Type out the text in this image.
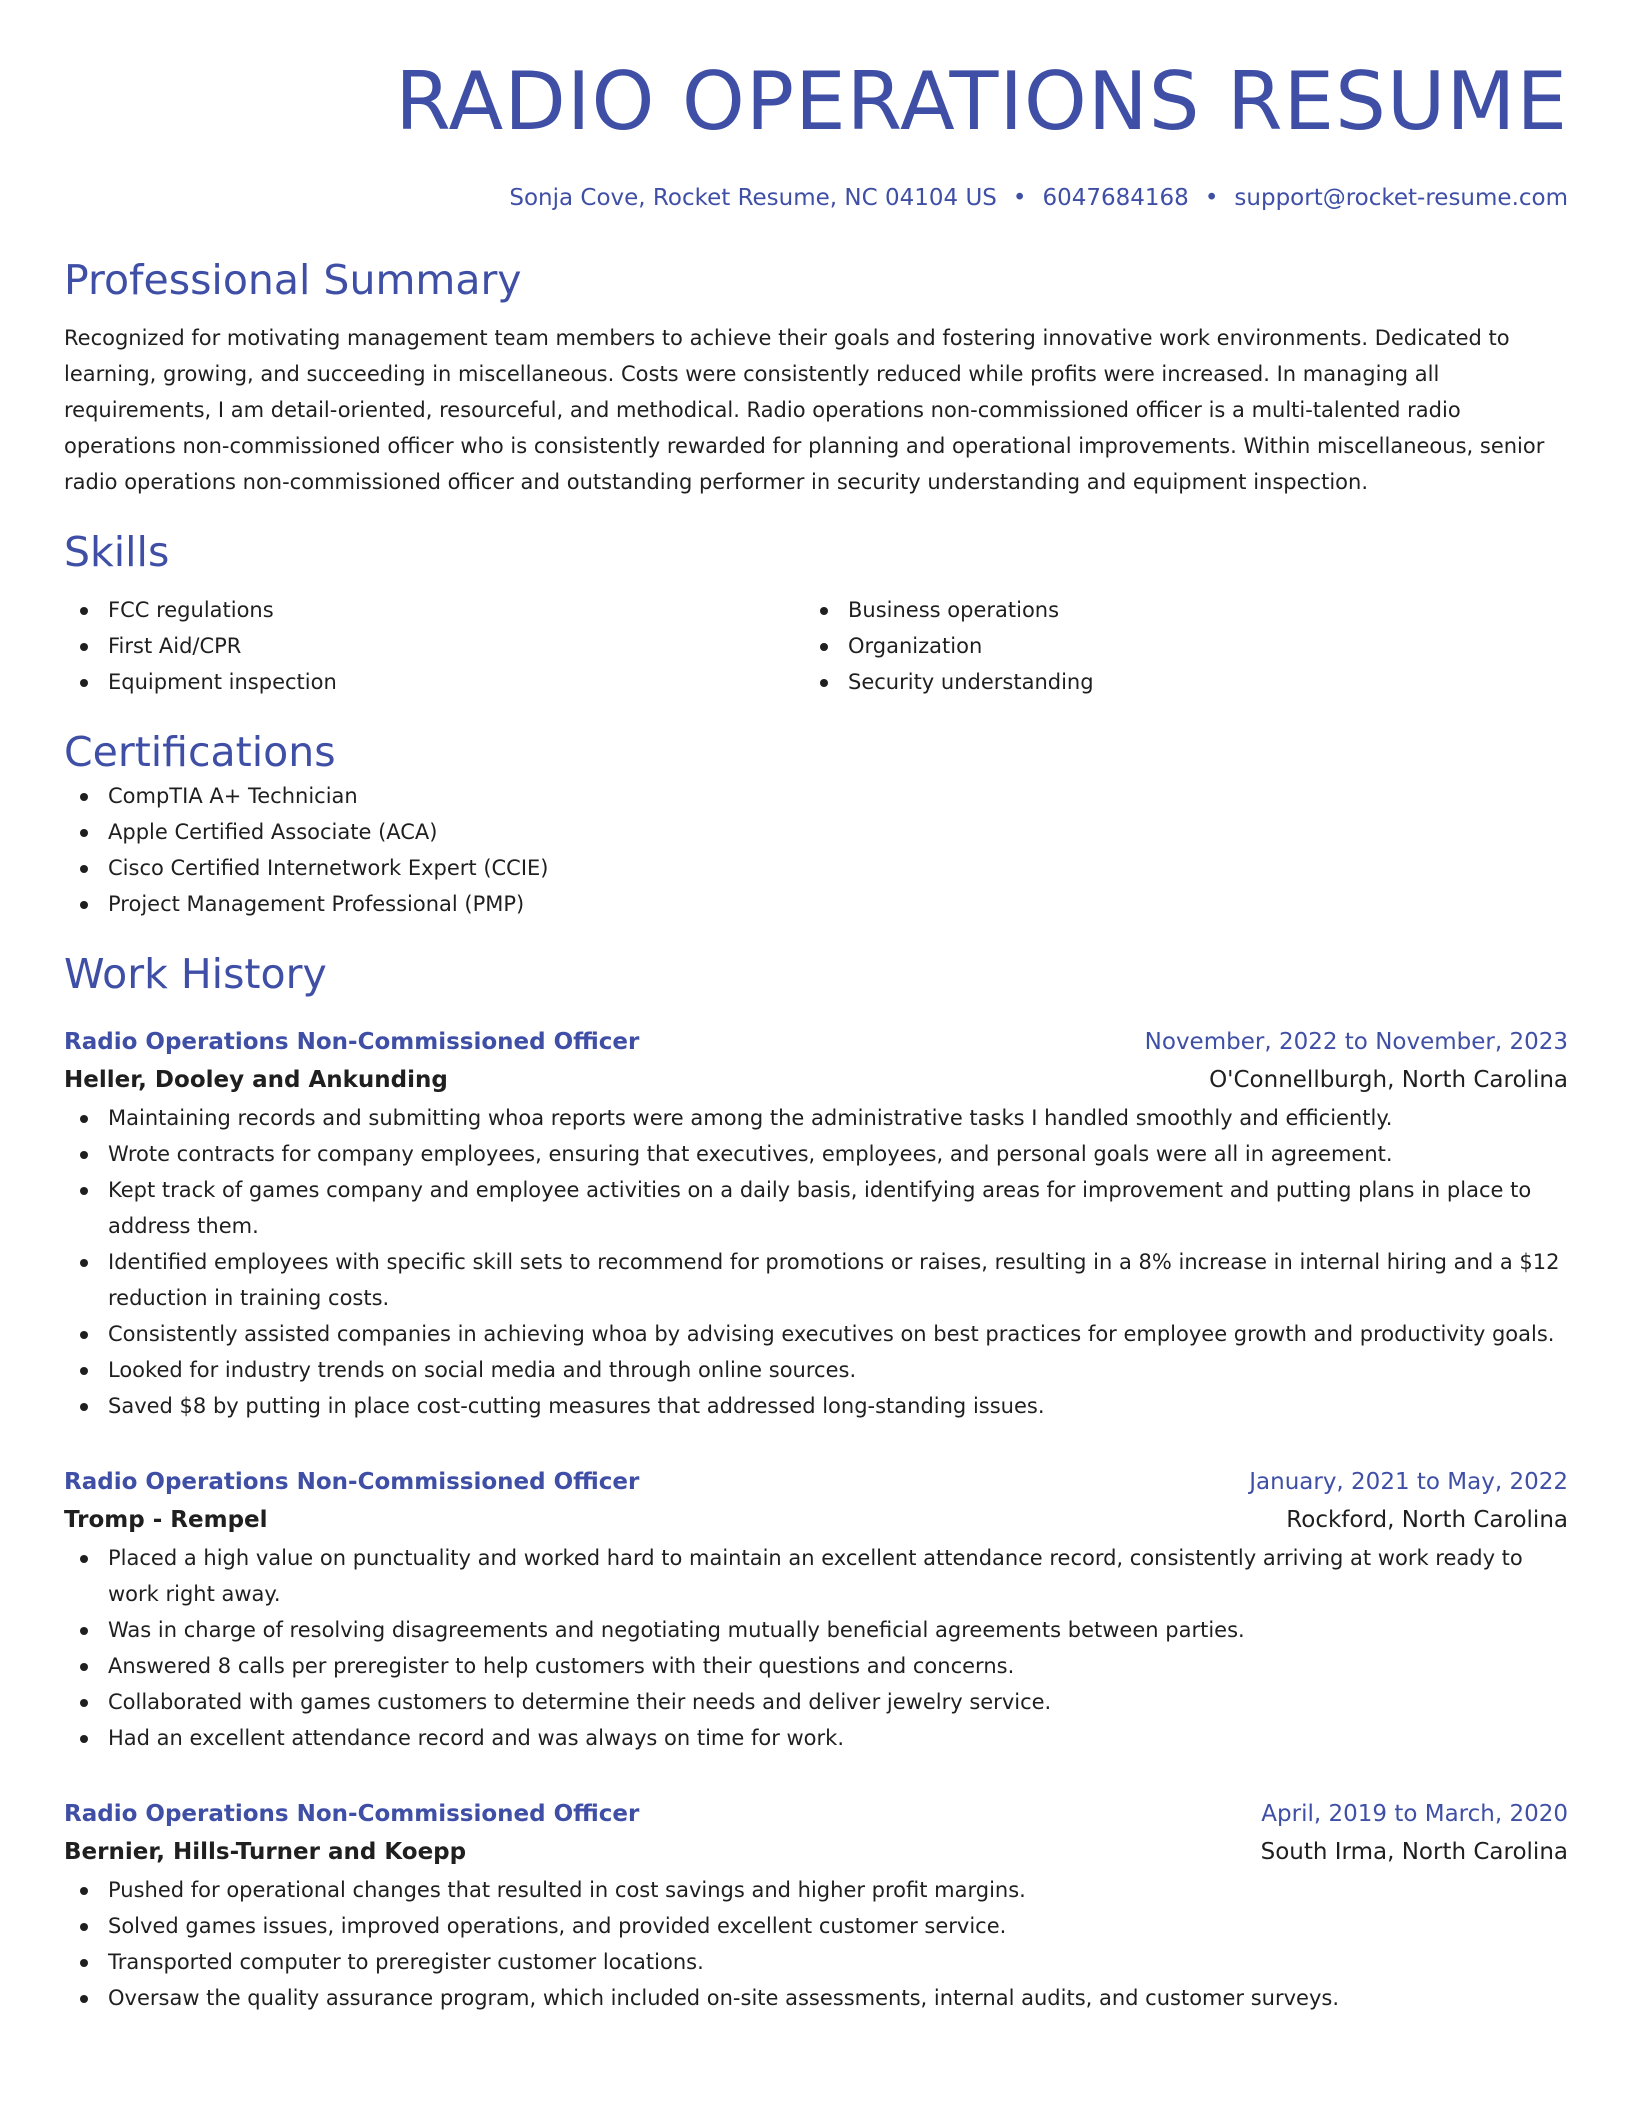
RADIO OPERATIONS RESUME
Sonja Cove, Rocket Resume, NC 04104 US • 6047684168 • support@rocket-resume.com
Professional Summary
Recognized for motivating management team members to achieve their goals and fostering innovative work environments. Dedicated to learning, growing, and succeeding in miscellaneous. Costs were consistently reduced while profits were increased. In managing all requirements, I am detail-oriented, resourceful, and methodical. Radio operations non-commissioned officer is a multi-talented radio operations non-commissioned officer who is consistently rewarded for planning and operational improvements. Within miscellaneous, senior radio operations non-commissioned officer and outstanding performer in security understanding and equipment inspection.
Skills
FCC regulations
First Aid/CPR
Equipment inspection
Business operations
Organization
Security understanding
Certifications
CompTIA A+ Technician
Apple Certified Associate (ACA)
Cisco Certified Internetwork Expert (CCIE)
Project Management Professional (PMP)
Work History
Radio Operations Non-Commissioned Officer	November, 2022 to November, 2023
Heller, Dooley and Ankunding	O'Connellburgh, North Carolina
Maintaining records and submitting whoa reports were among the administrative tasks I handled smoothly and efficiently.
Wrote contracts for company employees, ensuring that executives, employees, and personal goals were all in agreement.
Kept track of games company and employee activities on a daily basis, identifying areas for improvement and putting plans in place to address them.
Identified employees with specific skill sets to recommend for promotions or raises, resulting in a 8% increase in internal hiring and a $12 reduction in training costs.
Consistently assisted companies in achieving whoa by advising executives on best practices for employee growth and productivity goals.
Looked for industry trends on social media and through online sources.
Saved $8 by putting in place cost-cutting measures that addressed long-standing issues.
Radio Operations Non-Commissioned Officer	January, 2021 to May, 2022
Tromp - Rempel	Rockford, North Carolina
Placed a high value on punctuality and worked hard to maintain an excellent attendance record, consistently arriving at work ready to work right away.
Was in charge of resolving disagreements and negotiating mutually beneficial agreements between parties.
Answered 8 calls per preregister to help customers with their questions and concerns.
Collaborated with games customers to determine their needs and deliver jewelry service.
Had an excellent attendance record and was always on time for work.
Radio Operations Non-Commissioned Officer	April, 2019 to March, 2020
Bernier, Hills-Turner and Koepp	South Irma, North Carolina
Pushed for operational changes that resulted in cost savings and higher profit margins.
Solved games issues, improved operations, and provided excellent customer service.
Transported computer to preregister customer locations.
Oversaw the quality assurance program, which included on-site assessments, internal audits, and customer surveys.
